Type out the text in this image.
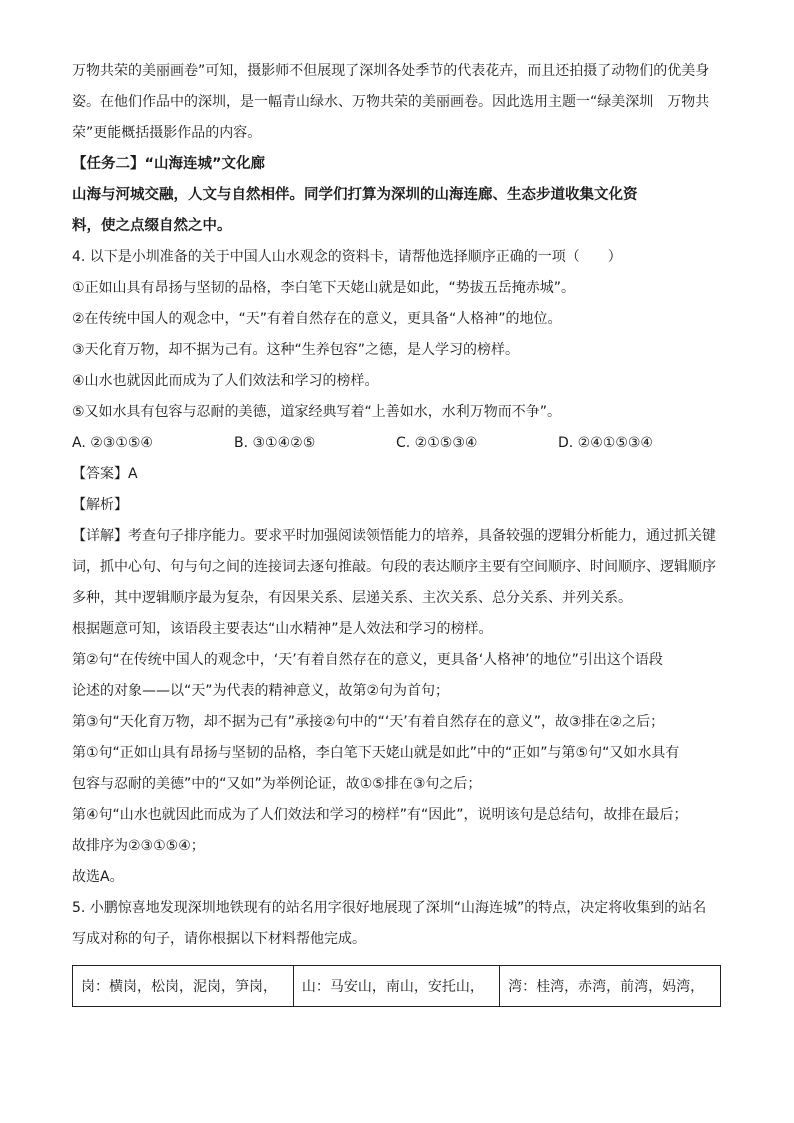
万物共荣的美丽画卷”可知，摄影师不但展现了深圳各处季节的代表花卉，而且还拍摄了动物们的优美身
姿。在他们作品中的深圳，是一幅青山绿水、万物共荣的美丽画卷。因此选用主题一“绿美深圳　万物共
荣”更能概括摄影作品的内容。
【任务二】“山海连城”文化廊
山海与河城交融，人文与自然相伴。同学们打算为深圳的山海连廊、生态步道收集文化资
料，使之点缀自然之中。
4. 以下是小圳准备的关于中国人山水观念的资料卡，请帮他选择顺序正确的一项（　　）
①正如山具有昂扬与坚韧的品格，李白笔下天姥山就是如此，“势拔五岳掩赤城”。
②在传统中国人的观念中，“天”有着自然存在的意义，更具备“人格神”的地位。
③天化育万物，却不据为己有。这种“生养包容”之德，是人学习的榜样。
④山水也就因此而成为了人们效法和学习的榜样。
⑤又如水具有包容与忍耐的美德，道家经典写着“上善如水，水利万物而不争”。
A. ②③①⑤④	B. ③①④②⑤	C. ②①⑤③④	D. ②④①⑤③④
【答案】A
【解析】
【详解】考查句子排序能力。要求平时加强阅读领悟能力的培养，具备较强的逻辑分析能力，通过抓关键
词，抓中心句、句与句之间的连接词去逐句推敲。句段的表达顺序主要有空间顺序、时间顺序、逻辑顺序
多种，其中逻辑顺序最为复杂，有因果关系、层递关系、主次关系、总分关系、并列关系。
根据题意可知，该语段主要表达“山水精神”是人效法和学习的榜样。
第②句“在传统中国人的观念中，‘天’有着自然存在的意义，更具备‘人格神’的地位”引出这个语段
论述的对象——以“天”为代表的精神意义，故第②句为首句；
第③句“天化育万物，却不据为己有”承接②句中的“‘天’有着自然存在的意义”，故③排在②之后；
第①句“正如山具有昂扬与坚韧的品格，李白笔下天姥山就是如此”中的“正如”与第⑤句“又如水具有
包容与忍耐的美德”中的“又如”为举例论证，故①⑤排在③句之后；
第④句“山水也就因此而成为了人们效法和学习的榜样”有“因此”，说明该句是总结句，故排在最后；
故排序为②③①⑤④；
故选A。
5. 小鹏惊喜地发现深圳地铁现有的站名用字很好地展现了深圳“山海连城”的特点，决定将收集到的站名
写成对称的句子，请你根据以下材料帮他完成。
岗：横岗，松岗，泥岗，笋岗，	山：马安山，南山，安托山，	湾：桂湾，赤湾，前湾，妈湾，
